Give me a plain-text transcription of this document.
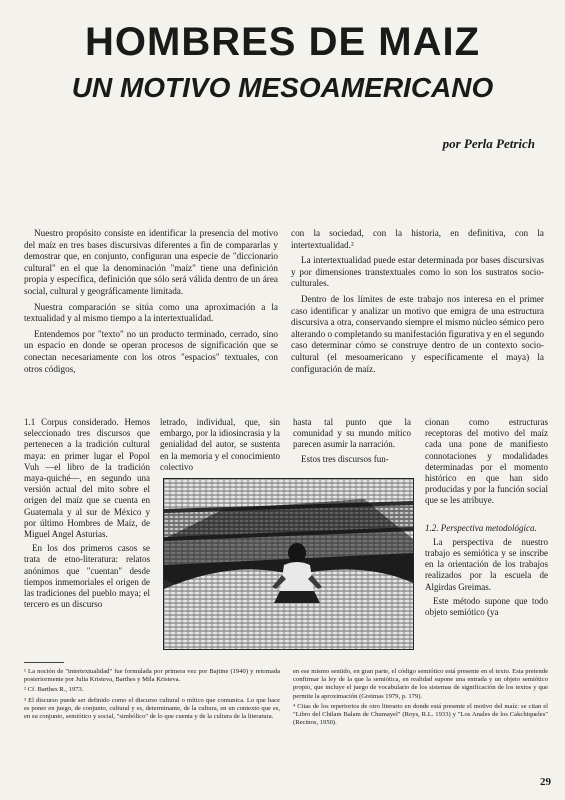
HOMBRES DE MAIZ
UN MOTIVO MESOAMERICANO
por Perla Petrich

Nuestro propósito consiste en identificar la presencia del motivo del maíz en tres bases discursivas diferentes a fin de compararlas y demostrar que, en conjunto, configuran una especie de "diccionario cultural" en el que la denominación "maíz" tiene una definición propia y específica, definición que sólo será válida dentro de un área social, cultural y geográficamente limitada.

Nuestra comparación se sitúa como una aproximación a la textualidad y al mismo tiempo a la intertextualidad.

Entendemos por "texto" no un producto terminado, cerrado, sino un espacio en donde se operan procesos de significación que se conectan necesariamente con los otros "espacios" textuales, con otros códigos,

con la sociedad, con la historia, en definitiva, con la intertextualidad.²

La intertextualidad puede estar determinada por bases discursivas y por dimensiones transtextuales como lo son los sustratos socio-culturales.

Dentro de los límites de este trabajo nos interesa en el primer caso identificar y analizar un motivo que emigra de una estructura discursiva a otra, conservando siempre el mismo núcleo sémico pero alterando o completando su manifestación figurativa y en el segundo caso determinar cómo se construye dentro de un contexto socio-cultural (el mesoamericano y específicamente el maya) la configuración de maíz.

1.1 Corpus considerado. Hemos seleccionado tres discursos que pertenecen a la tradición cultural maya: en primer lugar el Popol Vuh —el libro de la tradición maya-quiché—, en segundo una versión actual del mito sobre el origen del maíz que se cuenta en Guatemala y al sur de México y por último Hombres de Maíz, de Miguel Angel Asturias.

En los dos primeros casos se trata de etno-literatura: relatos anónimos que "cuentan" desde tiempos inmemoriales el origen de las tradiciones del pueblo maya; el tercero es un discurso

letrado, individual, que, sin embargo, por la idiosincrasia y la genialidad del autor, se sustenta en la memoria y el conocimiento colectivo

hasta tal punto que la comunidad y su mundo mítico parecen asumir la narración.

Estos tres discursos fun-

cionan como estructuras receptoras del motivo del maíz cada una pone de manifiesto connotaciones y modalidades determinadas por el momento histórico en que han sido producidas y por la función social que se les atribuye.

1.2. Perspectiva metodológica.

La perspectiva de nuestro trabajo es semiótica y se inscribe en la orientación de los trabajos realizados por la escuela de Algirdas Greimas.

Este método supone que todo objeto semiótico (ya

¹ La noción de "intertextualidad" fue formulada por primera vez por Bajtine (1940) y retomada posteriormente por Julia Kristeva, Barthes y Mila Kristeva.

² Cf. Barthes R., 1973.

³ El discurso puede ser definido como el discurso cultural o mítico que comunica. Lo que hace es poner en juego, de conjunto, cultural y es, determinante, de la cultura, en un contexto que es, en su conjunto, semiótico y social, "simbólico" de lo que cuenta y de la cultura de la literatura.

en ese mismo sentido, en gran parte, el código semiótico está presente en el texto. Esta pretende confirmar la ley de la que la semiótica, en realidad supone una entrada y un objeto semiótico propio, que incluye el juego de vocabulario de los sistemas de significación de los textos y que permite la aproximación (Greimas 1979, p. 179).

⁴ Citas de los repertorios de otro literario en donde está presente el motivo del maíz: se citan el "Libro del Chilam Balam de Chumayel" (Roys, R.L. 1933) y "Los Anales de los Cakchiqueles" (Recinos, 1950).

29
